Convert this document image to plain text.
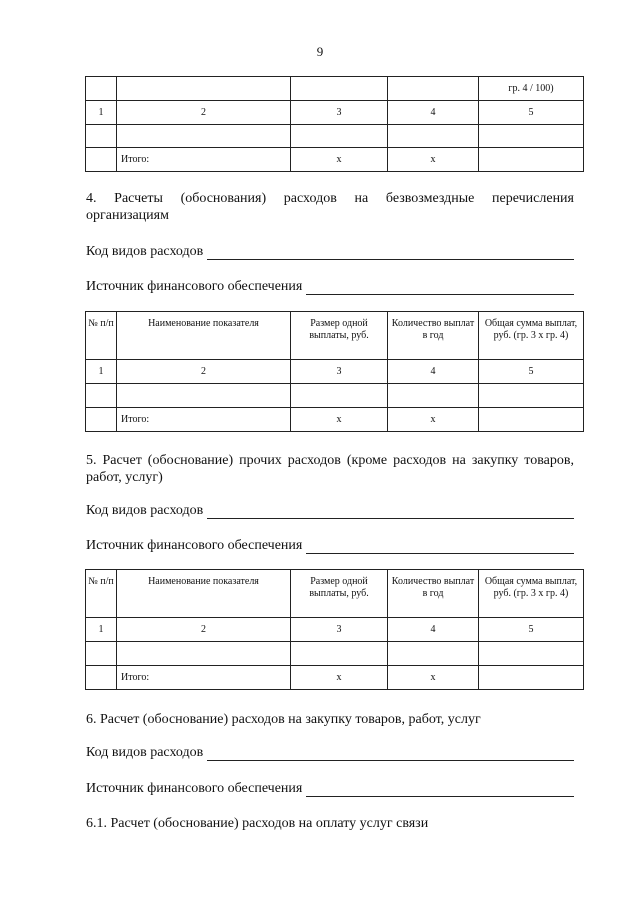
9
				гр. 4 / 100)
1	2	3	4	5

	Итого:	x	x	
4. Расчеты (обоснования) расходов на безвозмездные перечисления организациям
Код видов расходов
Источник финансового обеспечения
№ п/п	Наименование показателя	Размер одной выплаты, руб.	Количество выплат в год	Общая сумма выплат, руб. (гр. 3 х гр. 4)
1	2	3	4	5

	Итого:	x	x	
5. Расчет (обоснование) прочих расходов (кроме расходов на закупку товаров, работ, услуг)
Код видов расходов
Источник финансового обеспечения
№ п/п	Наименование показателя	Размер одной выплаты, руб.	Количество выплат в год	Общая сумма выплат, руб. (гр. 3 х гр. 4)
1	2	3	4	5

	Итого:	x	x	
6. Расчет (обоснование) расходов на закупку товаров, работ, услуг
Код видов расходов
Источник финансового обеспечения
6.1. Расчет (обоснование) расходов на оплату услуг связи
